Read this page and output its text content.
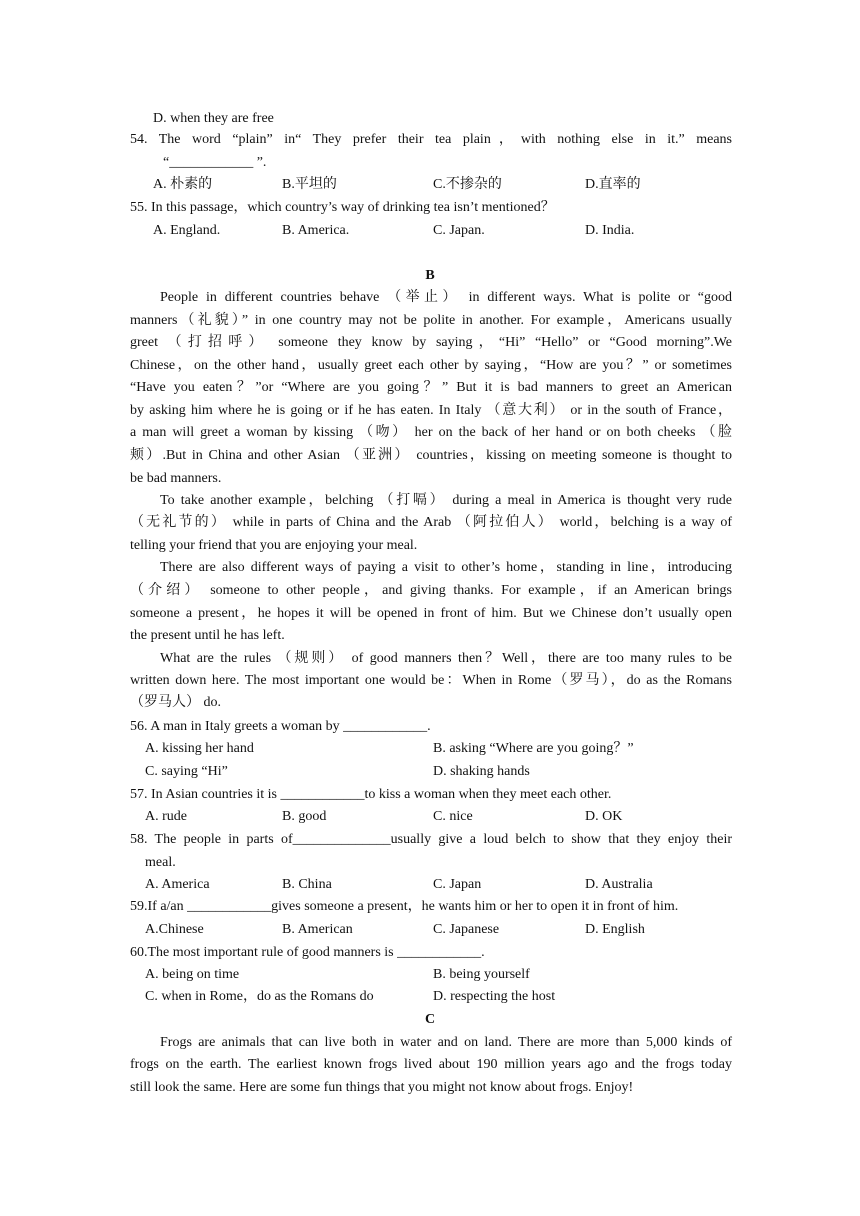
D. when they are free
54. The word “plain” in“ They prefer their tea plain，with nothing else in it.” means
“____________ ”.
A. 朴素的	B.平坦的	C.不掺杂的	D.直率的
55. In this passage，which country’s way of drinking tea isn’t mentioned？
A. England.	B. America.	C. Japan.	D. India.
B
People in different countries behave （举止） in different ways. What is polite or “good
manners（礼貌）” in one country may not be polite in another. For example，Americans usually
greet （打招呼） someone they know by saying，“Hi” “Hello” or “Good morning”.We
Chinese，on the other hand，usually greet each other by saying，“How are you？” or sometimes
“Have you eaten？”or “Where are you going？” But it is bad manners to greet an American
by asking him where he is going or if he has eaten. In Italy （意大利） or in the south of France，
a man will greet a woman by kissing （吻） her on the back of her hand or on both cheeks （脸
颊）.But in China and other Asian （亚洲） countries，kissing on meeting someone is thought to
be bad manners.
To take another example，belching （打嗝） during a meal in America is thought very rude
（无礼节的） while in parts of China and the Arab （阿拉伯人） world，belching is a way of
telling your friend that you are enjoying your meal.
There are also different ways of paying a visit to other’s home，standing in line，introducing
（介绍） someone to other people，and giving thanks. For example，if an American brings
someone a present，he hopes it will be opened in front of him. But we Chinese don’t usually open
the present until he has left.
What are the rules （规则） of good manners then？Well，there are too many rules to be
written down here. The most important one would be：When in Rome（罗马），do as the Romans
（罗马人） do.
56. A man in Italy greets a woman by ____________.
A. kissing her hand	B. asking “Where are you going？”
C. saying “Hi”	D. shaking hands
57. In Asian countries it is ____________to kiss a woman when they meet each other.
A. rude	B. good	C. nice	D. OK
58. The people in parts of______________usually give a loud belch to show that they enjoy their
meal.
A. America	B. China	C. Japan	D. Australia
59.If a/an ____________gives someone a present，he wants him or her to open it in front of him.
A.Chinese	B. American	C. Japanese	D. English
60.The most important rule of good manners is ____________.
A. being on time	B. being yourself
C. when in Rome，do as the Romans do	D. respecting the host
C
Frogs are animals that can live both in water and on land. There are more than 5,000 kinds of
frogs on the earth. The earliest known frogs lived about 190 million years ago and the frogs today
still look the same. Here are some fun things that you might not know about frogs. Enjoy!
